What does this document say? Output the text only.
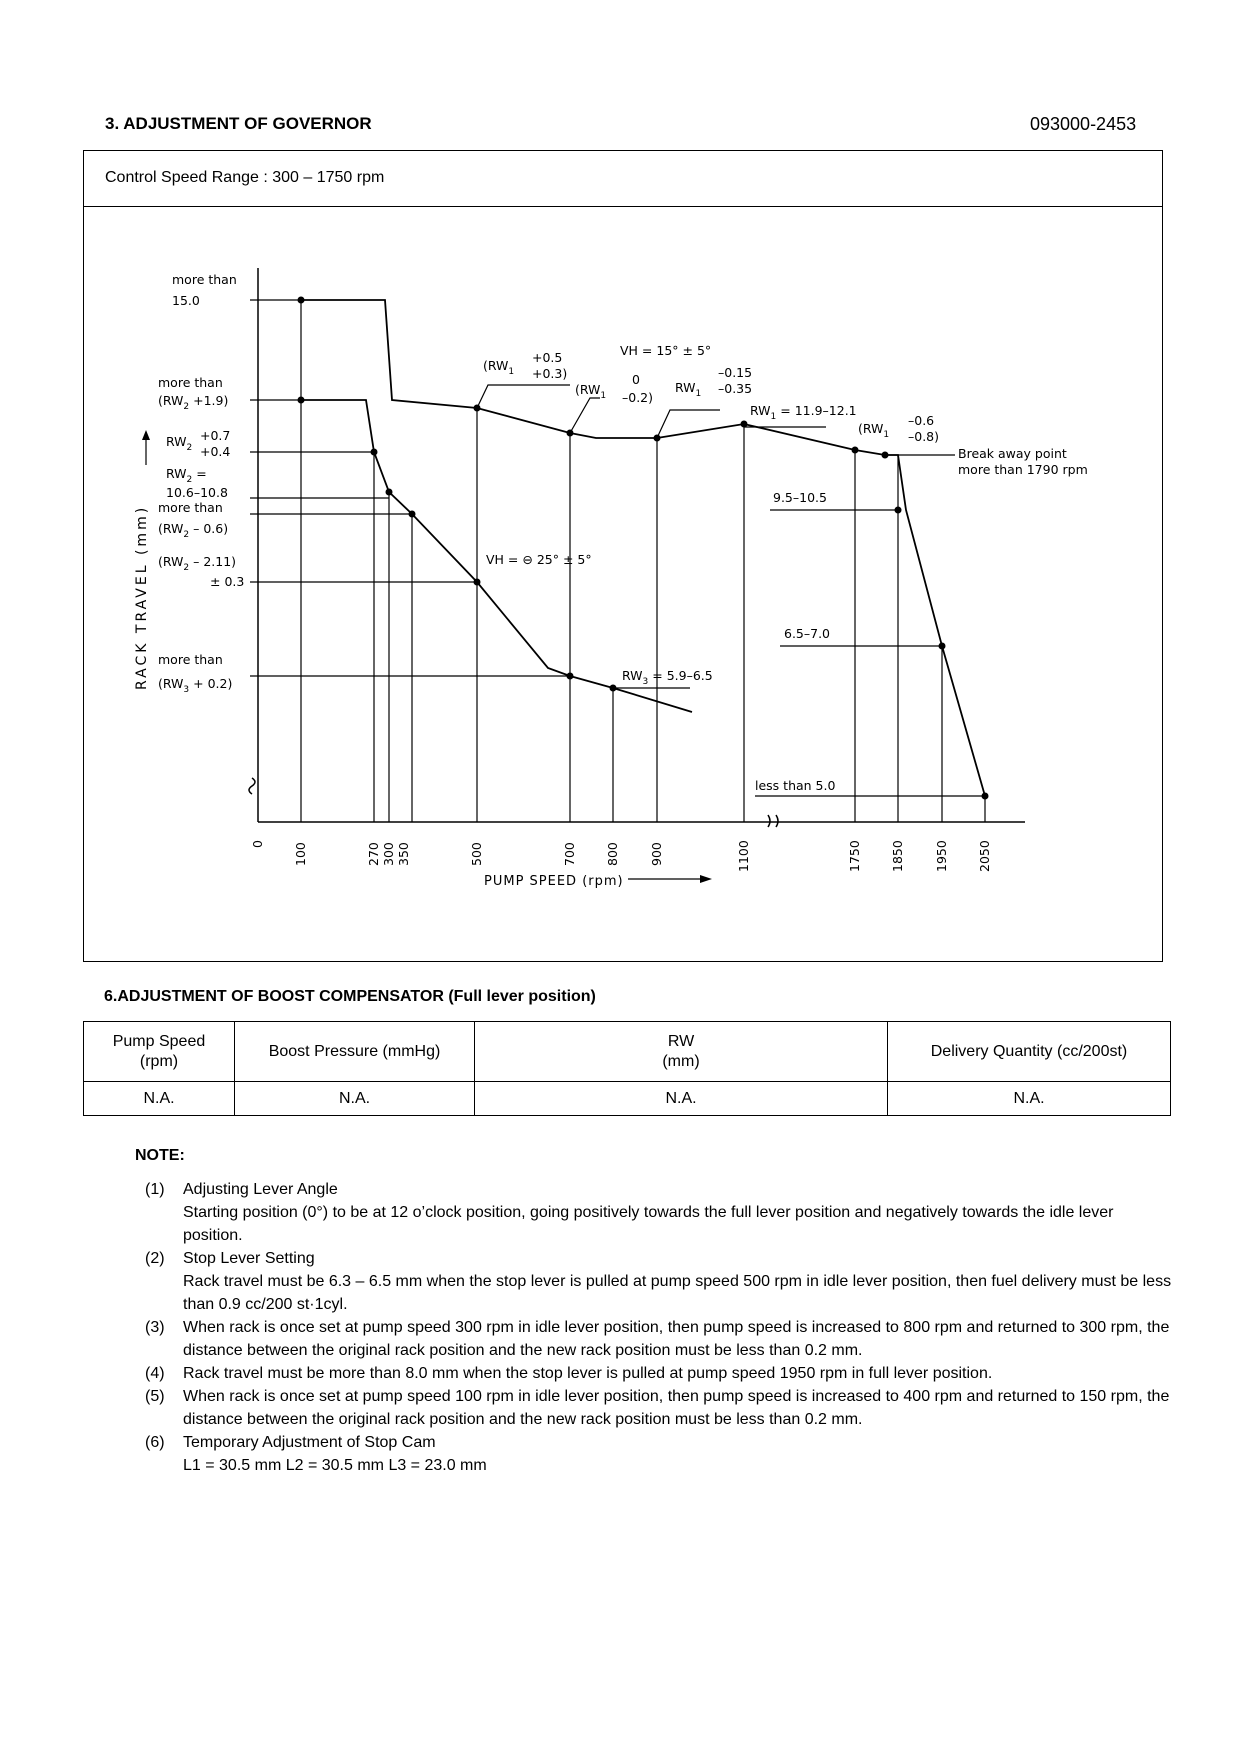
3. ADJUSTMENT OF GOVERNOR	093000-2453
Control Speed Range : 300 – 1750 rpm
RACK TRAVEL (mm)
more than
15.0
more than
$(RW_2 +1.9)$
$RW_2$
+0.7
+0.4
$RW_2$ =
10.6–10.8
more than
$(RW_2 - 0.6)$
$(RW_2 - 2.11)$
± 0.3
more than
$(RW_3 + 0.2)$
($RW_1$
+0.5
+0.3)
VH = 15° ± 5°
($RW_1$
0
–0.2)
$RW_1$
–0.15
–0.35
$RW_1 = 11.9-12.1$
($RW_1$
–0.6
–0.8)
Break away point
more than 1790 rpm
9.5–10.5
VH = ⊖ 25° ± 5°
6.5–7.0
$RW_3 = 5.9-6.5$
less than 5.0
0 100	270 300 350	500	700 800 900	1100	1750 1850 1950 2050
PUMP SPEED (rpm)
6.ADJUSTMENT OF BOOST COMPENSATOR (Full lever position)
Pump Speed
(rpm)	Boost Pressure (mmHg)	RW
(mm)	Delivery Quantity (cc/200st)
N.A.	N.A.	N.A.	N.A.
NOTE:
(1)	Adjusting Lever Angle
Starting position (0°) to be at 12 o’clock position, going positively towards the full lever position and negatively towards the idle lever position.
(2)	Stop Lever Setting
Rack travel must be 6.3 – 6.5 mm when the stop lever is pulled at pump speed 500 rpm in idle lever position, then fuel delivery must be less than 0.9 cc/200 st·1cyl.
(3)	When rack is once set at pump speed 300 rpm in idle lever position, then pump speed is increased to 800 rpm and returned to 300 rpm, the distance between the original rack position and the new rack position must be less than 0.2 mm.
(4)	Rack travel must be more than 8.0 mm when the stop lever is pulled at pump speed 1950 rpm in full lever position.
(5)	When rack is once set at pump speed 100 rpm in idle lever position, then pump speed is increased to 400 rpm and returned to 150 rpm, the distance between the original rack position and the new rack position must be less than 0.2 mm.
(6)	Temporary Adjustment of Stop Cam
L1 = 30.5 mm L2 = 30.5 mm L3 = 23.0 mm
